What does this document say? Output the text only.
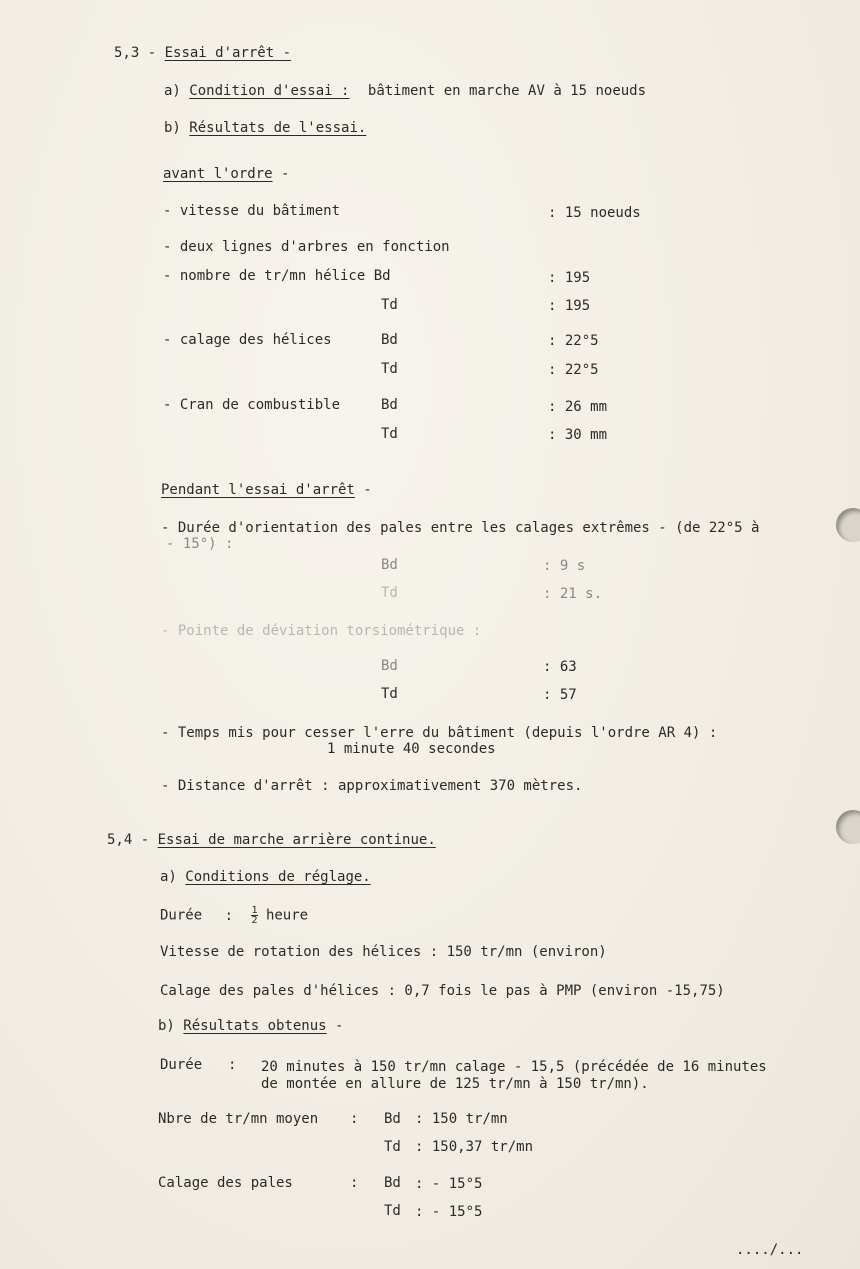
5,3 - Essai d'arrêt -
a) Condition d'essai : bâtiment en marche AV à 15 noeuds
b) Résultats de l'essai.
avant l'ordre -
- vitesse du bâtiment	: 15 noeuds
- deux lignes d'arbres en fonction
- nombre de tr/mn hélice Bd	: 195
Td	: 195
- calage des hélices	Bd	: 22°5
Td	: 22°5
- Cran de combustible	Bd	: 26 mm
Td	: 30 mm
Pendant l'essai d'arrêt -
- Durée d'orientation des pales entre les calages extrêmes - (de 22°5 à
- 15°) :
Bd	: 9 s
Td	: 21 s.
- Pointe de déviation torsiométrique :
Bd	: 63
Td	: 57
- Temps mis pour cesser l'erre du bâtiment (depuis l'ordre AR 4) :
1 minute 40 secondes
- Distance d'arrêt : approximativement 370 mètres.
5,4 - Essai de marche arrière continue.
a) Conditions de réglage.
Durée : $\frac{1}{2}$ heure
Vitesse de rotation des hélices : 150 tr/mn (environ)
Calage des pales d'hélices : 0,7 fois le pas à PMP (environ -15,75)
b) Résultats obtenus -
Durée : 20 minutes à 150 tr/mn calage - 15,5 (précédée de 16 minutes
de montée en allure de 125 tr/mn à 150 tr/mn).
Nbre de tr/mn moyen : Bd : 150 tr/mn
Td : 150,37 tr/mn
Calage des pales	: Bd : - 15°5
Td : - 15°5
..../...
